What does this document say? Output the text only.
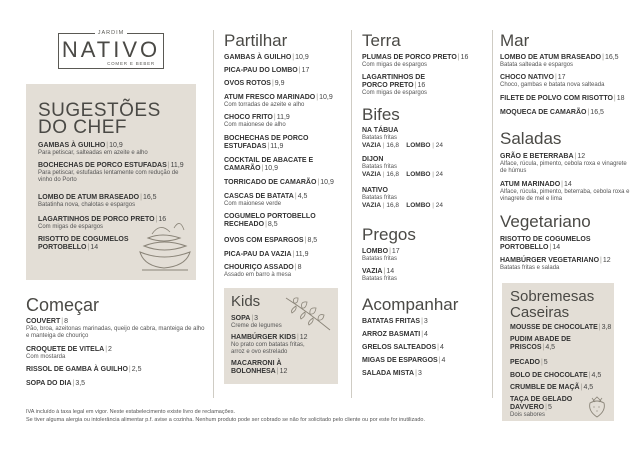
JARDIM
NATIVO
COMER E BEBER
SUGESTÕES
DO CHEF
GAMBAS À GUILHO|10,9
Para petiscar, salteadas em azeite e alho
BOCHECHAS DE PORCO ESTUFADAS|11,9
Para petiscar, estufadas lentamente com redução de vinho do Porto
LOMBO DE ATUM BRASEADO|16,5
Batatinha nova, chalotas e espargos
LAGARTINHOS DE PORCO PRETO|16
Com migas de espargos
RISOTTO DE COGUMELOS PORTOBELLO|14
Começar
COUVERT|8
Pão, broa, azeitonas marinadas, queijo de cabra, manteiga de alho e manteiga de chouriço
CROQUETE DE VITELA|2
Com mostarda
RISSOL DE GAMBA À GUILHO|2,5
SOPA DO DIA|3,5
Partilhar
GAMBAS À GUILHO|10,9
PICA-PAU DO LOMBO|17
OVOS ROTOS|9,9
ATUM FRESCO MARINADO|10,9
Com torradas de azeite e alho
CHOCO FRITO|11,9
Com maionese de alho
BOCHECHAS DE PORCO ESTUFADAS|11,9
COCKTAIL DE ABACATE E CAMARÃO|10,9
TORRICADO DE CAMARÃO|10,9
CASCAS DE BATATA|4,5
Com maionese verde
COGUMELO PORTOBELLO RECHEADO|8,5
OVOS COM ESPARGOS|8,5
PICA-PAU DA VAZIA|11,9
CHOURIÇO ASSADO|8
Assado em barro à mesa
Kids
SOPA|3
Creme de legumes
HAMBÚRGER KIDS|12
No prato com batatas fritas, arroz e ovo estrelado
MACARRONI À BOLONHESA|12
Terra
PLUMAS DE PORCO PRETO|16
Com migas de espargos
LAGARTINHOS DE PORCO PRETO|16
Com migas de espargos
Bifes
NA TÁBUA
Batatas fritas
VAZIA | 16,8 LOMBO | 24
DIJON
Batatas fritas
VAZIA | 16,8 LOMBO | 24
NATIVO
Batatas fritas
VAZIA | 16,8 LOMBO | 24
Pregos
LOMBO|17
Batatas fritas
VAZIA|14
Batatas fritas
Acompanhar
BATATAS FRITAS|3
ARROZ BASMATI|4
GRELOS SALTEADOS|4
MIGAS DE ESPARGOS|4
SALADA MISTA|3
Mar
LOMBO DE ATUM BRASEADO|16,5
Batata salteada e espargos
CHOCO NATIVO|17
Choco, gambas e batata nova salteada
FILETE DE POLVO COM RISOTTO|18
MOQUECA DE CAMARÃO|16,5
Saladas
GRÃO E BETERRABA|12
Alface, rúcula, pimento, cebola roxa e vinagrete de húmus
ATUM MARINADO|14
Alface, rúcula, pimento, beterraba, cebola roxa e vinagrete de mel e lima
Vegetariano
RISOTTO DE COGUMELOS PORTOBELLO|14
HAMBÚRGER VEGETARIANO|12
Batatas fritas e salada
Sobremesas
Caseiras
MOUSSE DE CHOCOLATE|3,8
PUDIM ABADE DE PRISCOS|4,5
PECADO|5
BOLO DE CHOCOLATE|4,5
CRUMBLE DE MAÇÃ|4,5
TAÇA DE GELADO DAVVERO|5
Dois sabores
IVA incluído à taxa legal em vigor. Neste estabelecimento existe livro de reclamações.
Se tiver alguma alergia ou intolerância alimentar p.f. avise a cozinha. Nenhum produto pode ser cobrado se não for solicitado pelo cliente ou por este for inutilizado.
